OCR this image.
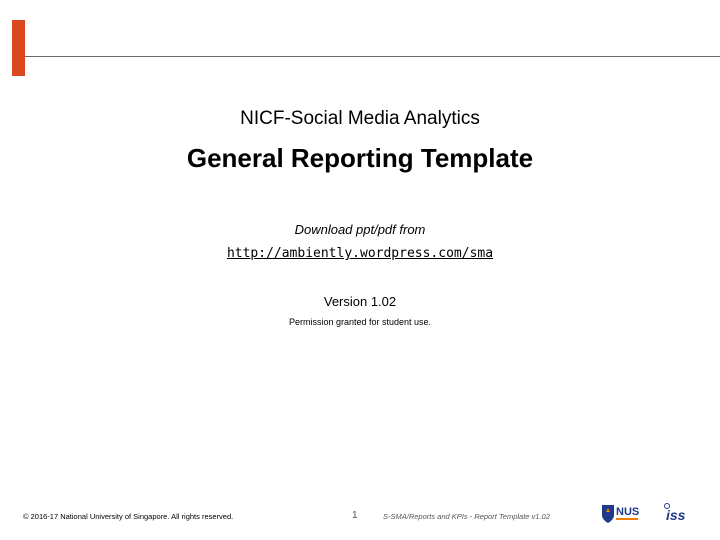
NICF-Social Media Analytics
General Reporting Template
Download ppt/pdf from
http://ambiently.wordpress.com/sma
Version 1.02
Permission granted for student use.
© 2016-17 National University of Singapore. All rights reserved.	1	S-SMA/Reports and KPIs - Report Template v1.02	NUS iss
